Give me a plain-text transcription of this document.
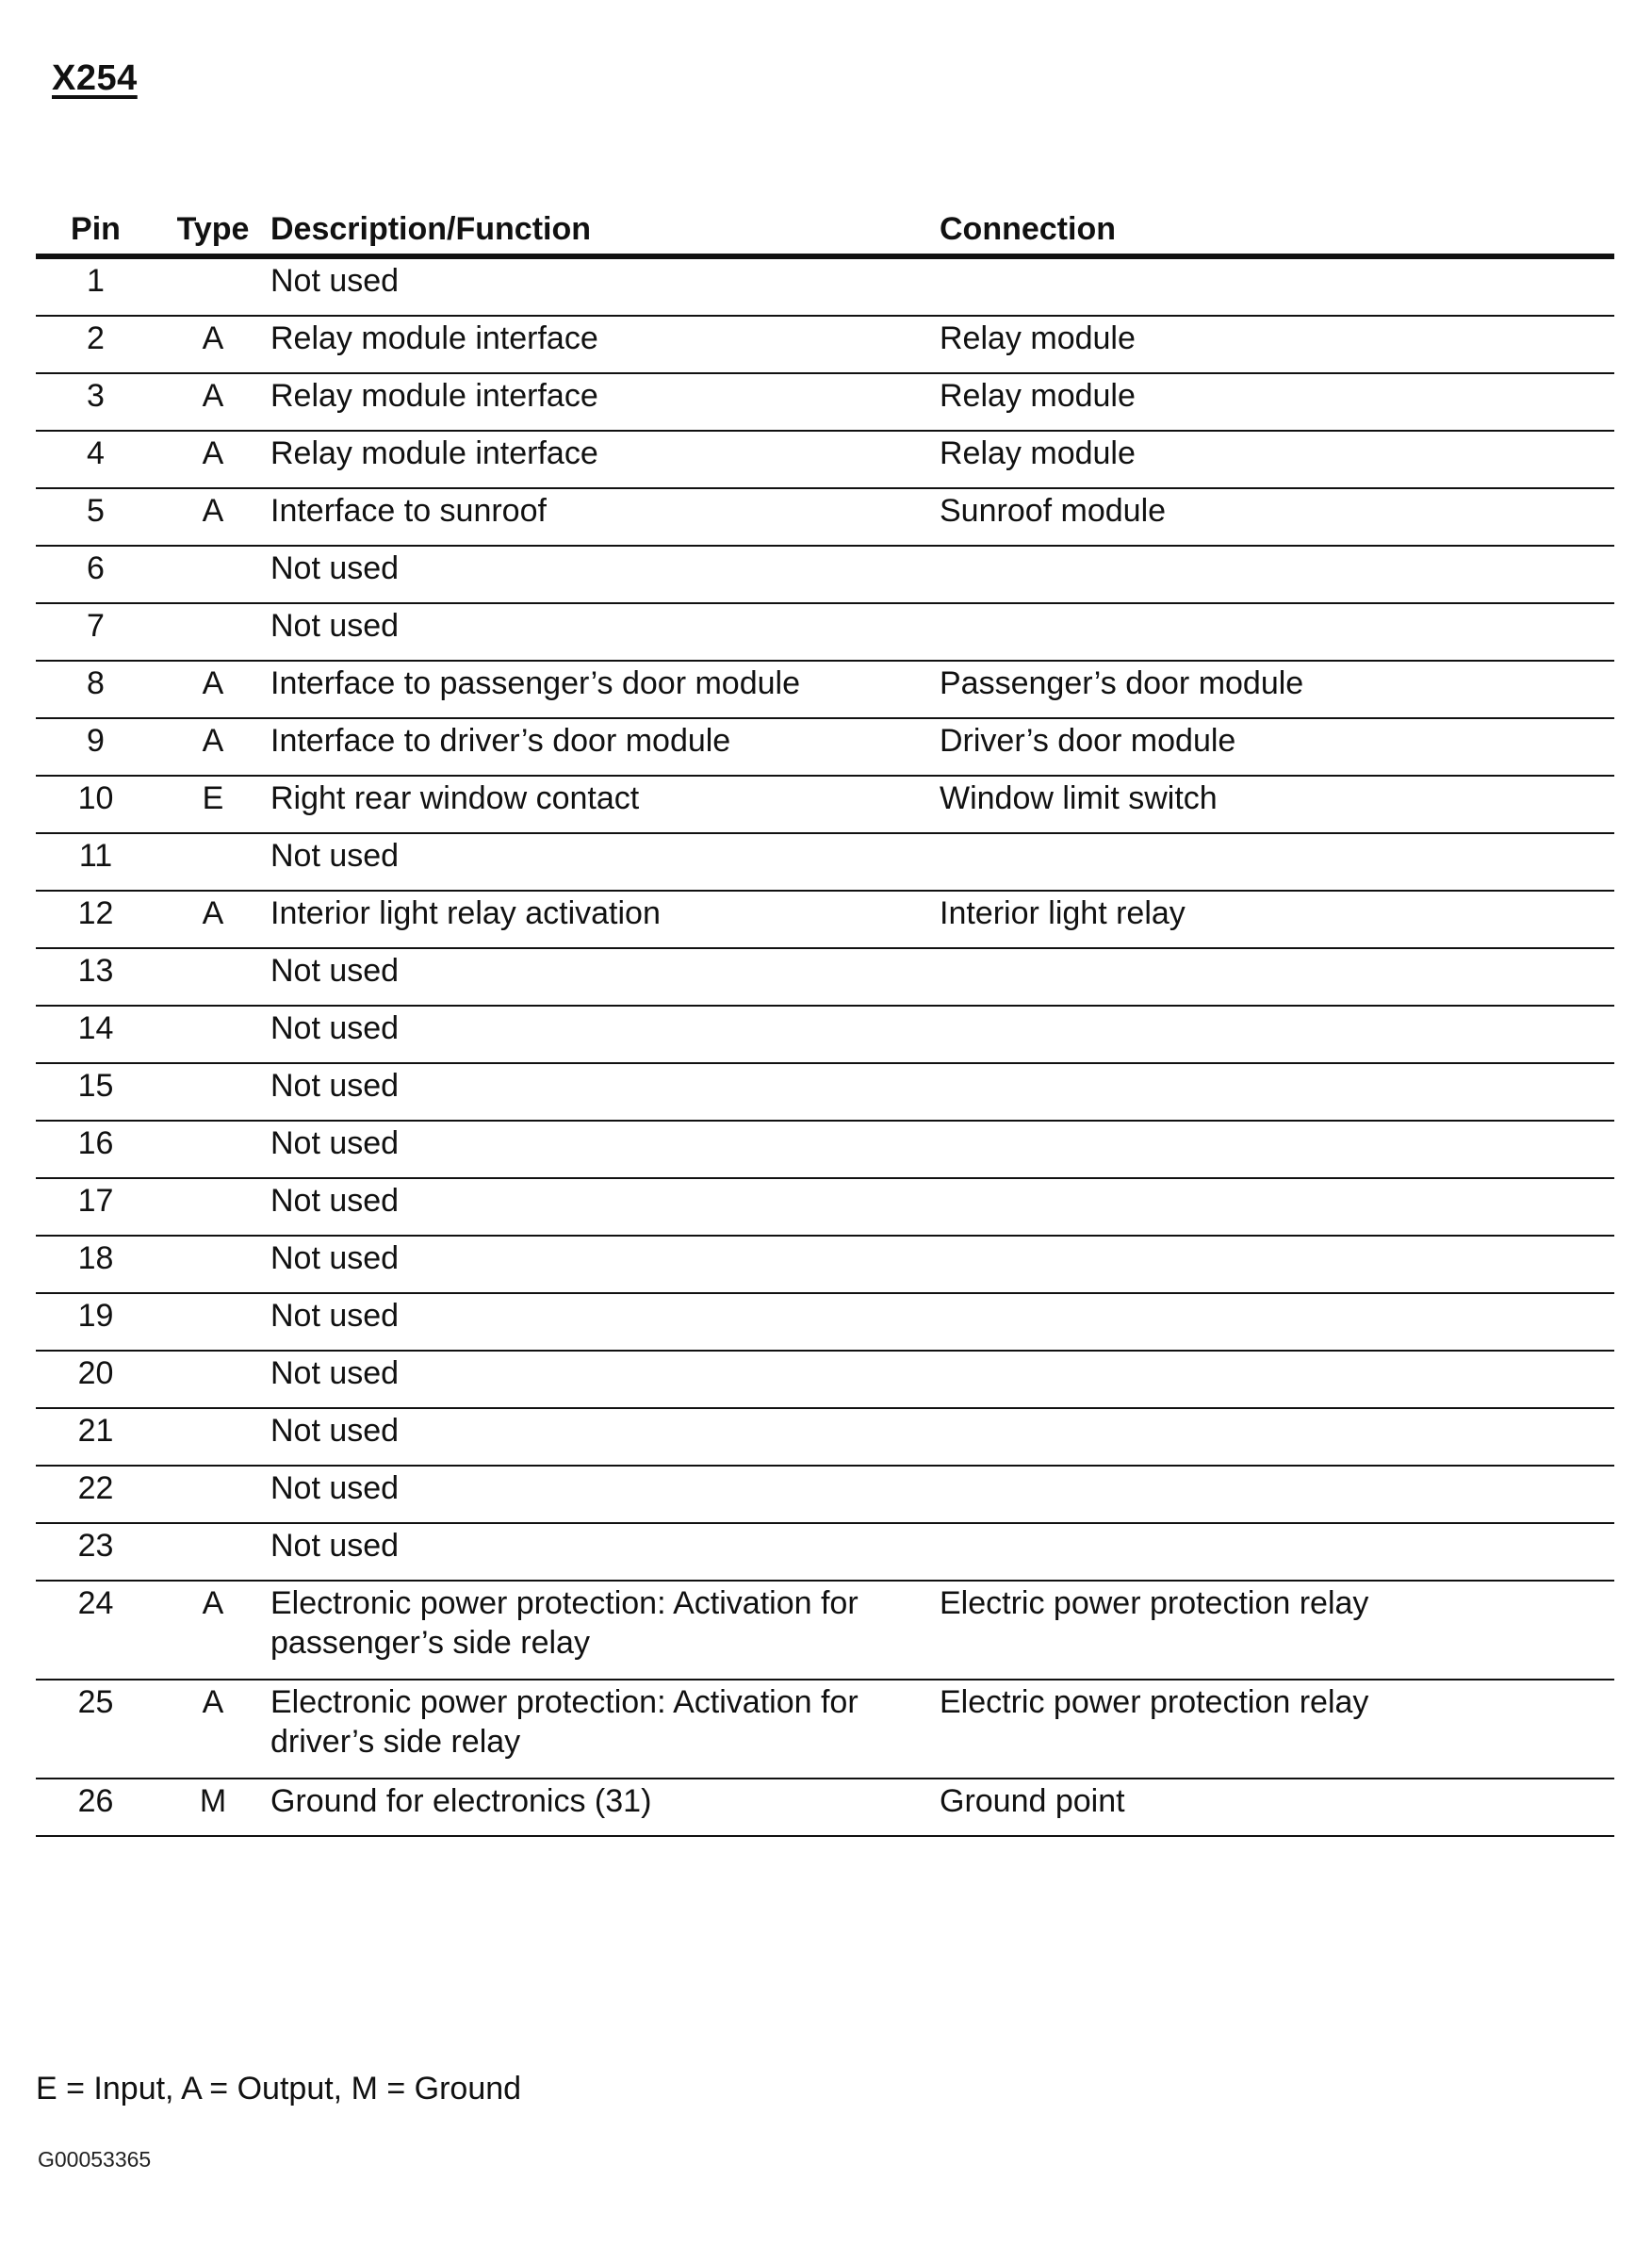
X254
Pin	Type	Description/Function	Connection
1		Not used	
2	A	Relay module interface	Relay module
3	A	Relay module interface	Relay module
4	A	Relay module interface	Relay module
5	A	Interface to sunroof	Sunroof module
6		Not used	
7		Not used	
8	A	Interface to passenger’s door module	Passenger’s door module
9	A	Interface to driver’s door module	Driver’s door module
10	E	Right rear window contact	Window limit switch
11		Not used	
12	A	Interior light relay activation	Interior light relay
13		Not used	
14		Not used	
15		Not used	
16		Not used	
17		Not used	
18		Not used	
19		Not used	
20		Not used	
21		Not used	
22		Not used	
23		Not used	
24	A	Electronic power protection: Activation for passenger’s side relay	Electric power protection relay
25	A	Electronic power protection: Activation for driver’s side relay	Electric power protection relay
26	M	Ground for electronics (31)	Ground point
E = Input, A = Output, M = Ground
G00053365
